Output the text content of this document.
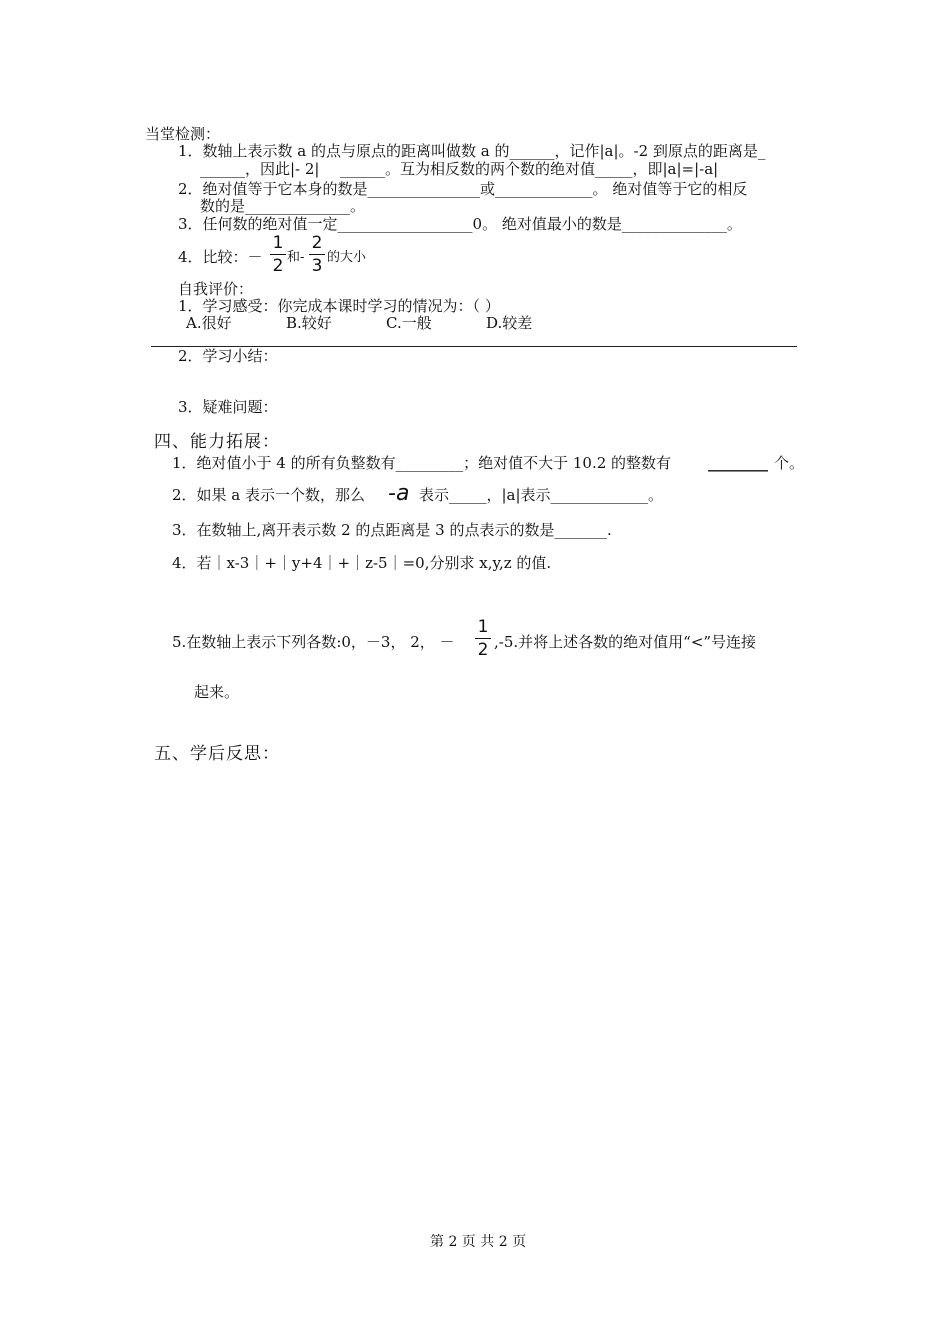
当堂检测：
1．数轴上表示数 a 的点与原点的距离叫做数 a 的______，记作|a|。-2 到原点的距离是_
______，因此|- 2| ______。互为相反数的两个数的绝对值_____，即|a|=|-a|
2．绝对值等于它本身的数是_______________或_____________。 绝对值等于它的相反
数的是______________。
3．任何数的绝对值一定__________________0。 绝对值最小的数是______________。
4．比较：－
1
2 和-
2
3 的大小
自我评价：
1．学习感受：你完成本课时学习的情况为：（ ）
A.很好	B.较好	C.一般	D.较差
2．学习小结：
3．疑难问题：
四、能力拓展：
1．绝对值小于 4 的所有负整数有_________；绝对值不大于 10.2 的整数有 ________ 个。
2．如果 a 表示一个数，那么 -a 表示_____，|a|表示_____________。
3．在数轴上,离开表示数 2 的点距离是 3 的点表示的数是_______.
4．若｜x-3｜+｜y+4｜+｜z-5｜=0,分别求 x,y,z 的值.
5.在数轴上表示下列各数:0，－3， 2， －
1
2 ,-5.并将上述各数的绝对值用“<”号连接
起来。
五、学后反思：
第 2 页 共 2 页
